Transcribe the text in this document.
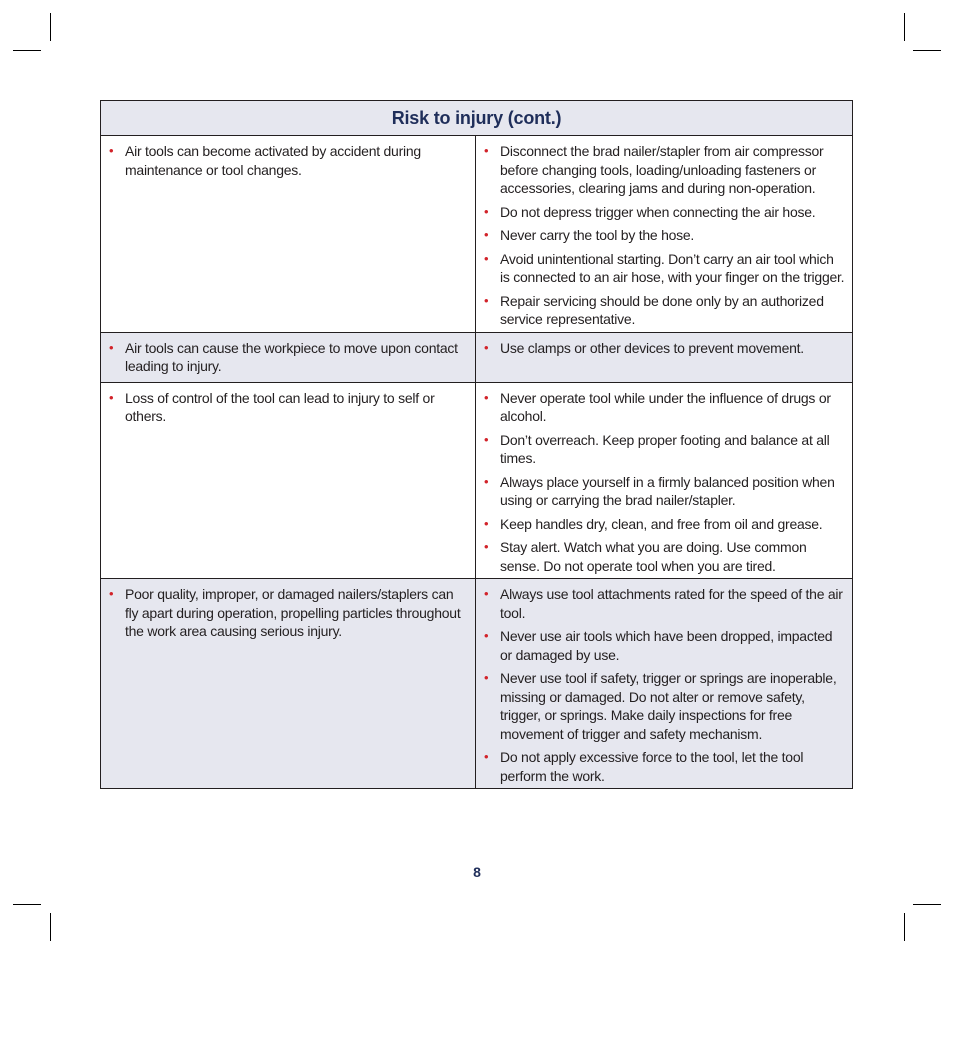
Risk to injury (cont.)
• Air tools can become activated by accident during maintenance or tool changes.
• Disconnect the brad nailer/stapler from air compressor before changing tools, loading/unloading fasteners or accessories, clearing jams and during non-operation.
• Do not depress trigger when connecting the air hose.
• Never carry the tool by the hose.
• Avoid unintentional starting. Don’t carry an air tool which is connected to an air hose, with your finger on the trigger.
• Repair servicing should be done only by an authorized service representative.
• Air tools can cause the workpiece to move upon contact leading to injury.
• Use clamps or other devices to prevent movement.
• Loss of control of the tool can lead to injury to self or others.
• Never operate tool while under the influence of drugs or alcohol.
• Don’t overreach. Keep proper footing and balance at all times.
• Always place yourself in a firmly balanced position when using or carrying the brad nailer/stapler.
• Keep handles dry, clean, and free from oil and grease.
• Stay alert. Watch what you are doing. Use common sense. Do not operate tool when you are tired.
• Poor quality, improper, or damaged nailers/staplers can fly apart during operation, propelling particles throughout the work area causing serious injury.
• Always use tool attachments rated for the speed of the air tool.
• Never use air tools which have been dropped, impacted or damaged by use.
• Never use tool if safety, trigger or springs are inoperable, missing or damaged. Do not alter or remove safety, trigger, or springs. Make daily inspections for free movement of trigger and safety mechanism.
• Do not apply excessive force to the tool, let the tool perform the work.
8
